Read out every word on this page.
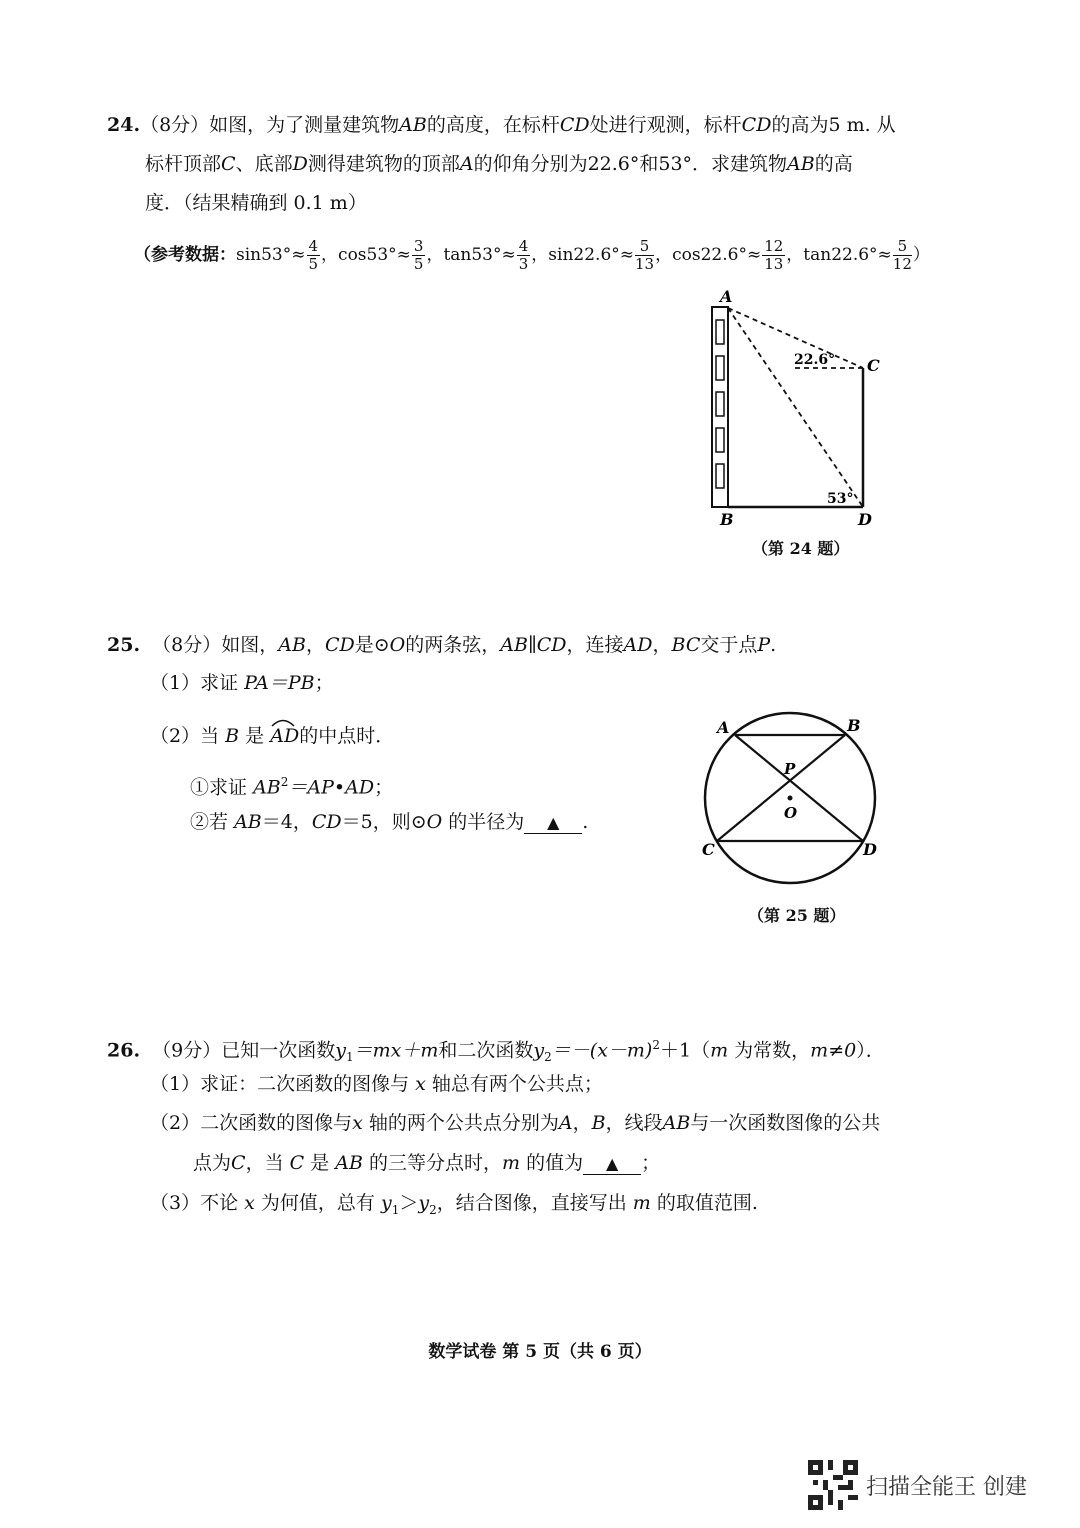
24.（8分）如图，为了测量建筑物AB的高度，在标杆CD处进行观测，标杆CD的高为5 m. 从
标杆顶部C、底部D测得建筑物的顶部A的仰角分别为22.6°和53°．求建筑物AB的高
度．（结果精确到 0.1 m）
（参考数据：$\sin 53^\circ\approx \frac{4}{5}$ ，$\cos 53^\circ\approx \frac{3}{5}$ ，$\tan 53^\circ\approx \frac{4}{3}$ ，$\sin 22.6^\circ\approx \frac{5}{13}$ ，$\cos 22.6^\circ\approx \frac{12}{13}$ ，$\tan 22.6^\circ\approx \frac{5}{12}$ ）
A
B
C
D
22.6°
53°
（第 24 题）
25. （8分）如图，AB，CD是⊙O的两条弦，AB∥CD，连接AD，BC交于点P.
（1）求证 PA＝PB；
（2）当 B 是 AD的中点时．
①求证 $AB^2=AP•AD$；
②若 AB＝4，CD＝5，则⊙O 的半径为 ▲ .
A	B
C	D
P
O
（第 25 题）
26. （9分）已知一次函数$y_1=mx+m$和二次函数$y_2=-(x-m)^2+1(m$ 为常数，m≠0）．
（1）求证：二次函数的图像与 x 轴总有两个公共点；
（2）二次函数的图像与x 轴的两个公共点分别为A，B，线段AB与一次函数图像的公共
点为C，当 C 是 AB 的三等分点时，m 的值为 ▲ ；
（3）不论 x 为何值，总有 $y_1>y_2$，结合图像，直接写出 m 的取值范围.
数学试卷 第 5 页（共 6 页）
扫描全能王 创建
